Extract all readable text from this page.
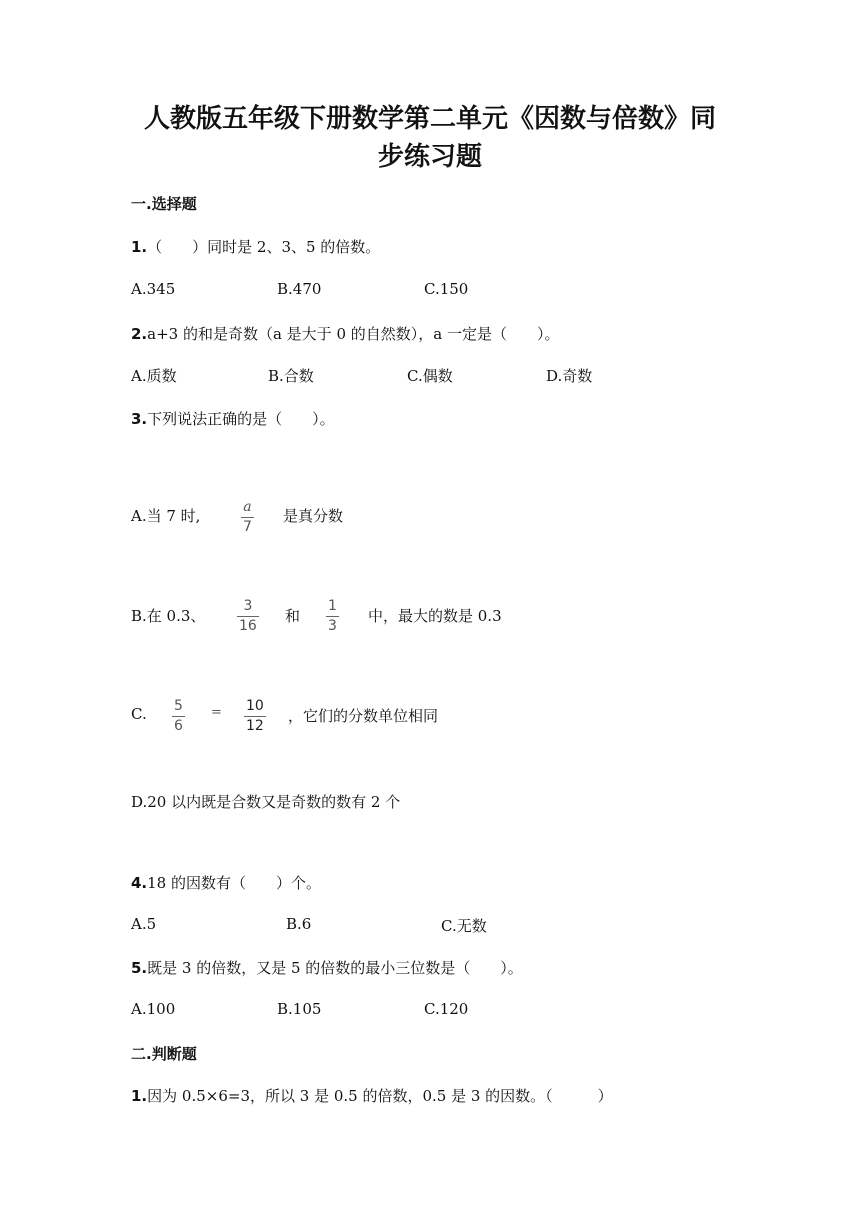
人教版五年级下册数学第二单元《因数与倍数》同
步练习题
一.选择题
1.（　　）同时是 2、3、5 的倍数。
A.345	B.470	C.150
2.a+3 的和是奇数（a 是大于 0 的自然数），a 一定是（　　）。
A.质数	B.合数	C.偶数	D.奇数
3.下列说法正确的是（　　）。
A.当 7 时,	a
7
是真分数
B.在 0.3、
3
16
和
1
3
中，最大的数是 0.3
C. 5
6
= 10
12
，它们的分数单位相同
D.20 以内既是合数又是奇数的数有 2 个
4.18 的因数有（　　）个。
A.5	B.6	C.无数
5.既是 3 的倍数，又是 5 的倍数的最小三位数是（　　）。
A.100	B.105	C.120
二.判断题
1.因为 0.5×6=3，所以 3 是 0.5 的倍数，0.5 是 3 的因数。（　　　）
